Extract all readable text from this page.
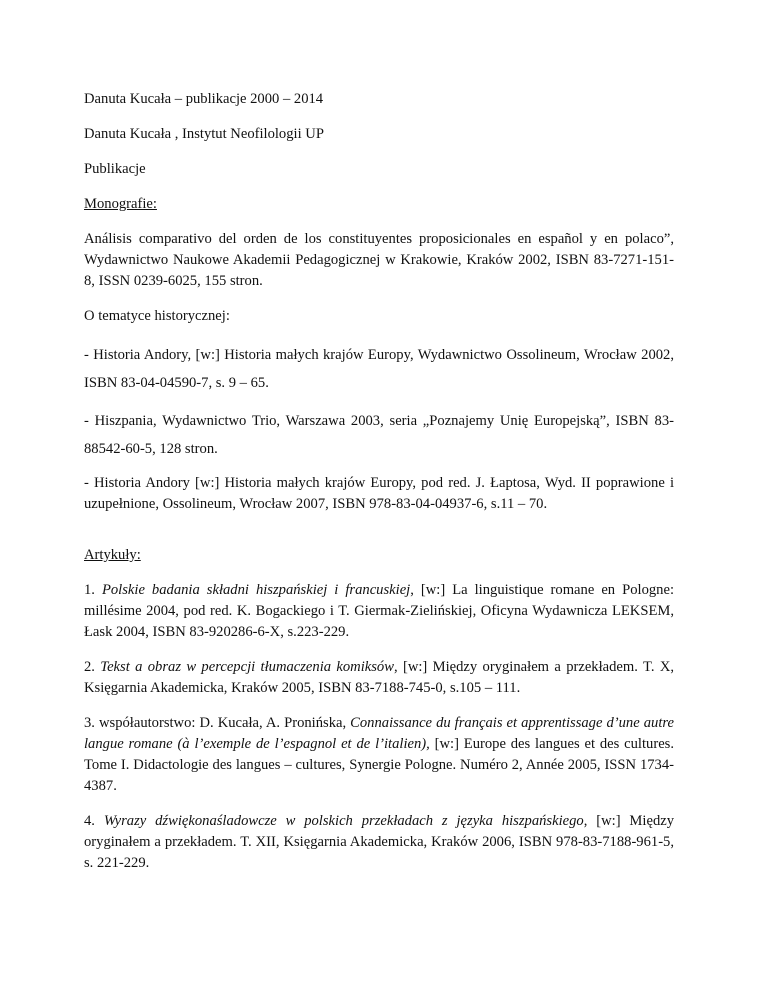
Danuta Kucała – publikacje 2000 – 2014

Danuta Kucała , Instytut Neofilologii UP

Publikacje

Monografie:

Análisis comparativo del orden de los constituyentes proposicionales en español y en polaco”, Wydawnictwo Naukowe Akademii Pedagogicznej w Krakowie, Kraków 2002, ISBN 83-7271-151-8, ISSN 0239-6025, 155 stron.

O tematyce historycznej:

- Historia Andory, [w:] Historia małych krajów Europy, Wydawnictwo Ossolineum, Wrocław 2002, ISBN 83-04-04590-7, s. 9 – 65.

- Hiszpania, Wydawnictwo Trio, Warszawa 2003, seria „Poznajemy Unię Europejską”, ISBN 83-88542-60-5, 128 stron.

- Historia Andory [w:] Historia małych krajów Europy, pod red. J. Łaptosa, Wyd. II poprawione i uzupełnione, Ossolineum, Wrocław 2007, ISBN 978-83-04-04937-6, s.11 – 70.

Artykuły:

1. Polskie badania składni hiszpańskiej i francuskiej, [w:] La linguistique romane en Pologne: millésime 2004, pod red. K. Bogackiego i T. Giermak-Zielińskiej, Oficyna Wydawnicza LEKSEM, Łask 2004, ISBN 83-920286-6-X, s.223-229.

2. Tekst a obraz w percepcji tłumaczenia komiksów, [w:] Między oryginałem a przekładem. T. X, Księgarnia Akademicka, Kraków 2005, ISBN 83-7188-745-0, s.105 – 111.

3. współautorstwo: D. Kucała, A. Pronińska, Connaissance du français et apprentissage d’une autre langue romane (à l’exemple de l’espagnol et de l’italien), [w:] Europe des langues et des cultures. Tome I. Didactologie des langues – cultures, Synergie Pologne. Numéro 2, Année 2005, ISSN 1734-4387.

4. Wyrazy dźwiękonaśladowcze w polskich przekładach z języka hiszpańskiego, [w:] Między oryginałem a przekładem. T. XII, Księgarnia Akademicka, Kraków 2006, ISBN 978-83-7188-961-5, s. 221-229.
